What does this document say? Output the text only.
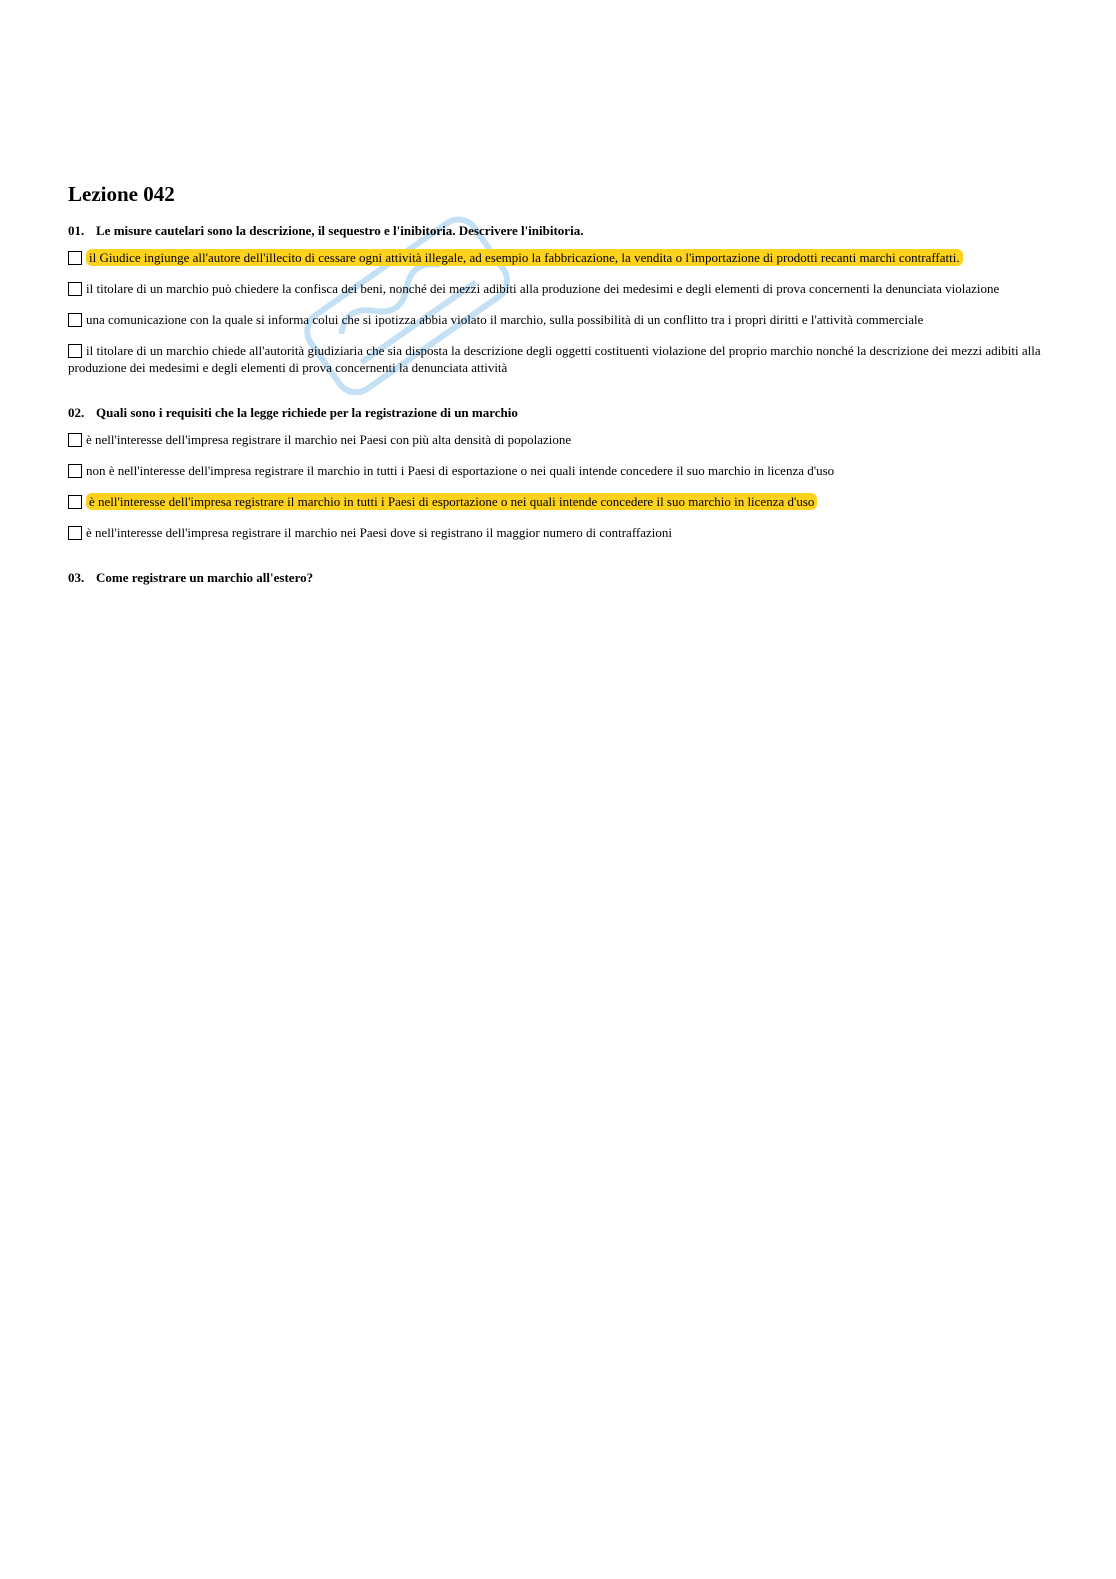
Lezione 042
01. Le misure cautelari sono la descrizione, il sequestro e l'inibitoria. Descrivere l'inibitoria.
il Giudice ingiunge all'autore dell'illecito di cessare ogni attività illegale, ad esempio la fabbricazione, la vendita o l'importazione di prodotti recanti marchi contraffatti.
il titolare di un marchio può chiedere la confisca dei beni, nonché dei mezzi adibiti alla produzione dei medesimi e degli elementi di prova concernenti la denunciata violazione
una comunicazione con la quale si informa colui che si ipotizza abbia violato il marchio, sulla possibilità di un conflitto tra i propri diritti e l'attività commerciale
il titolare di un marchio chiede all'autorità giudiziaria che sia disposta la descrizione degli oggetti costituenti violazione del proprio marchio nonché la descrizione dei mezzi adibiti alla produzione dei medesimi e degli elementi di prova concernenti la denunciata attività
02. Quali sono i requisiti che la legge richiede per la registrazione di un marchio
è nell'interesse dell'impresa registrare il marchio nei Paesi con più alta densità di popolazione
non è nell'interesse dell'impresa registrare il marchio in tutti i Paesi di esportazione o nei quali intende concedere il suo marchio in licenza d'uso
è nell'interesse dell'impresa registrare il marchio in tutti i Paesi di esportazione o nei quali intende concedere il suo marchio in licenza d'uso
è nell'interesse dell'impresa registrare il marchio nei Paesi dove si registrano il maggior numero di contraffazioni
03. Come registrare un marchio all'estero?
